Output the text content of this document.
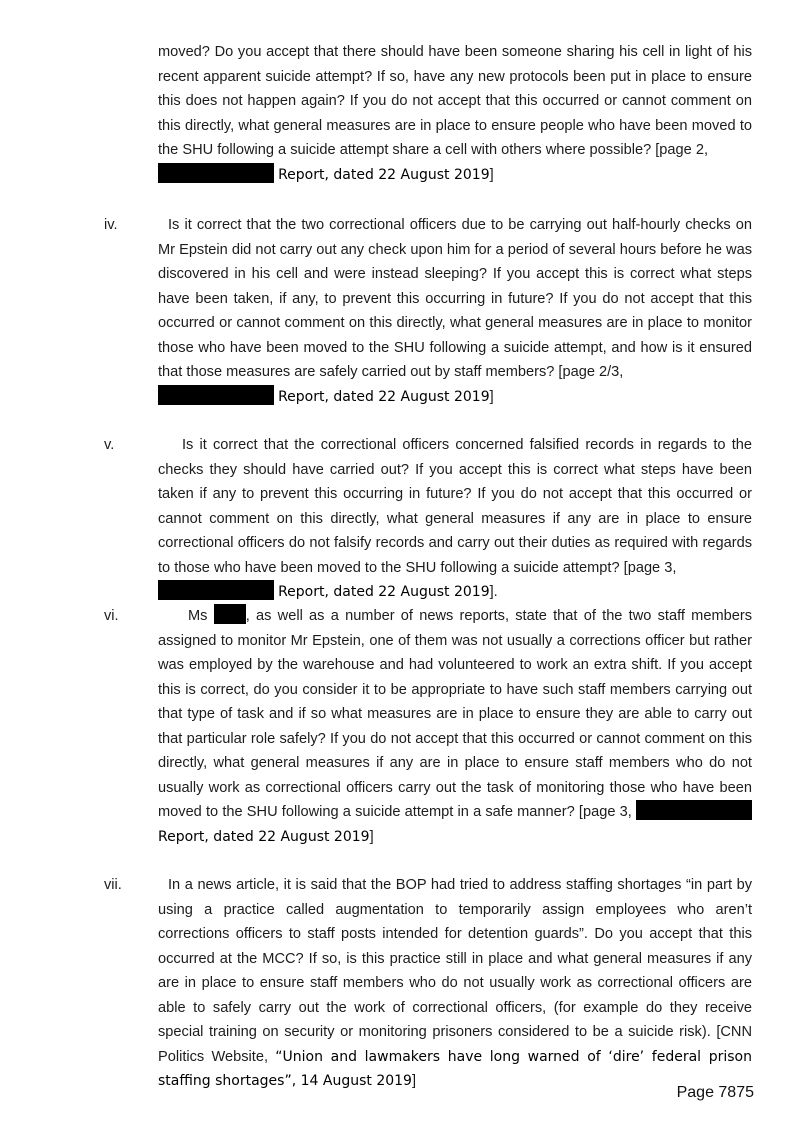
moved? Do you accept that there should have been someone sharing his cell in light of his recent apparent suicide attempt? If so, have any new protocols been put in place to ensure this does not happen again? If you do not accept that this occurred or cannot comment on this directly, what general measures are in place to ensure people who have been moved to the SHU following a suicide attempt share a cell with others where possible? [page 2,
Report, dated 22 August 2019]

iv.	Is it correct that the two correctional officers due to be carrying out half-hourly checks on Mr Epstein did not carry out any check upon him for a period of several hours before he was discovered in his cell and were instead sleeping? If you accept this is correct what steps have been taken, if any, to prevent this occurring in future? If you do not accept that this occurred or cannot comment on this directly, what general measures are in place to monitor those who have been moved to the SHU following a suicide attempt, and how is it ensured that those measures are safely carried out by staff members? [page 2/3,
Report, dated 22 August 2019]

v.	Is it correct that the correctional officers concerned falsified records in regards to the checks they should have carried out? If you accept this is correct what steps have been taken if any to prevent this occurring in future? If you do not accept that this occurred or cannot comment on this directly, what general measures if any are in place to ensure correctional officers do not falsify records and carry out their duties as required with regards to those who have been moved to the SHU following a suicide attempt? [page 3,
Report, dated 22 August 2019].

vi.	Ms	, as well as a number of news reports, state that of the two staff members assigned to monitor Mr Epstein, one of them was not usually a corrections officer but rather was employed by the warehouse and had volunteered to work an extra shift. If you accept this is correct, do you consider it to be appropriate to have such staff members carrying out that type of task and if so what measures are in place to ensure they are able to carry out that particular role safely? If you do not accept that this occurred or cannot comment on this directly, what general measures if any are in place to ensure staff members who do not usually work as correctional officers carry out the task of monitoring those who have been moved to the SHU following a suicide attempt in a safe manner? [page 3,  Report, dated 22 August 2019]

vii.	In a news article, it is said that the BOP had tried to address staffing shortages “in part by using a practice called augmentation to temporarily assign employees who aren’t corrections officers to staff posts intended for detention guards”. Do you accept that this occurred at the MCC? If so, is this practice still in place and what general measures if any are in place to ensure staff members who do not usually work as correctional officers are able to safely carry out the work of correctional officers, (for example do they receive special training on security or monitoring prisoners considered to be a suicide risk). [CNN Politics Website, “Union and lawmakers have long warned of ‘dire’ federal prison staffing shortages”, 14 August 2019]

Page 7875
